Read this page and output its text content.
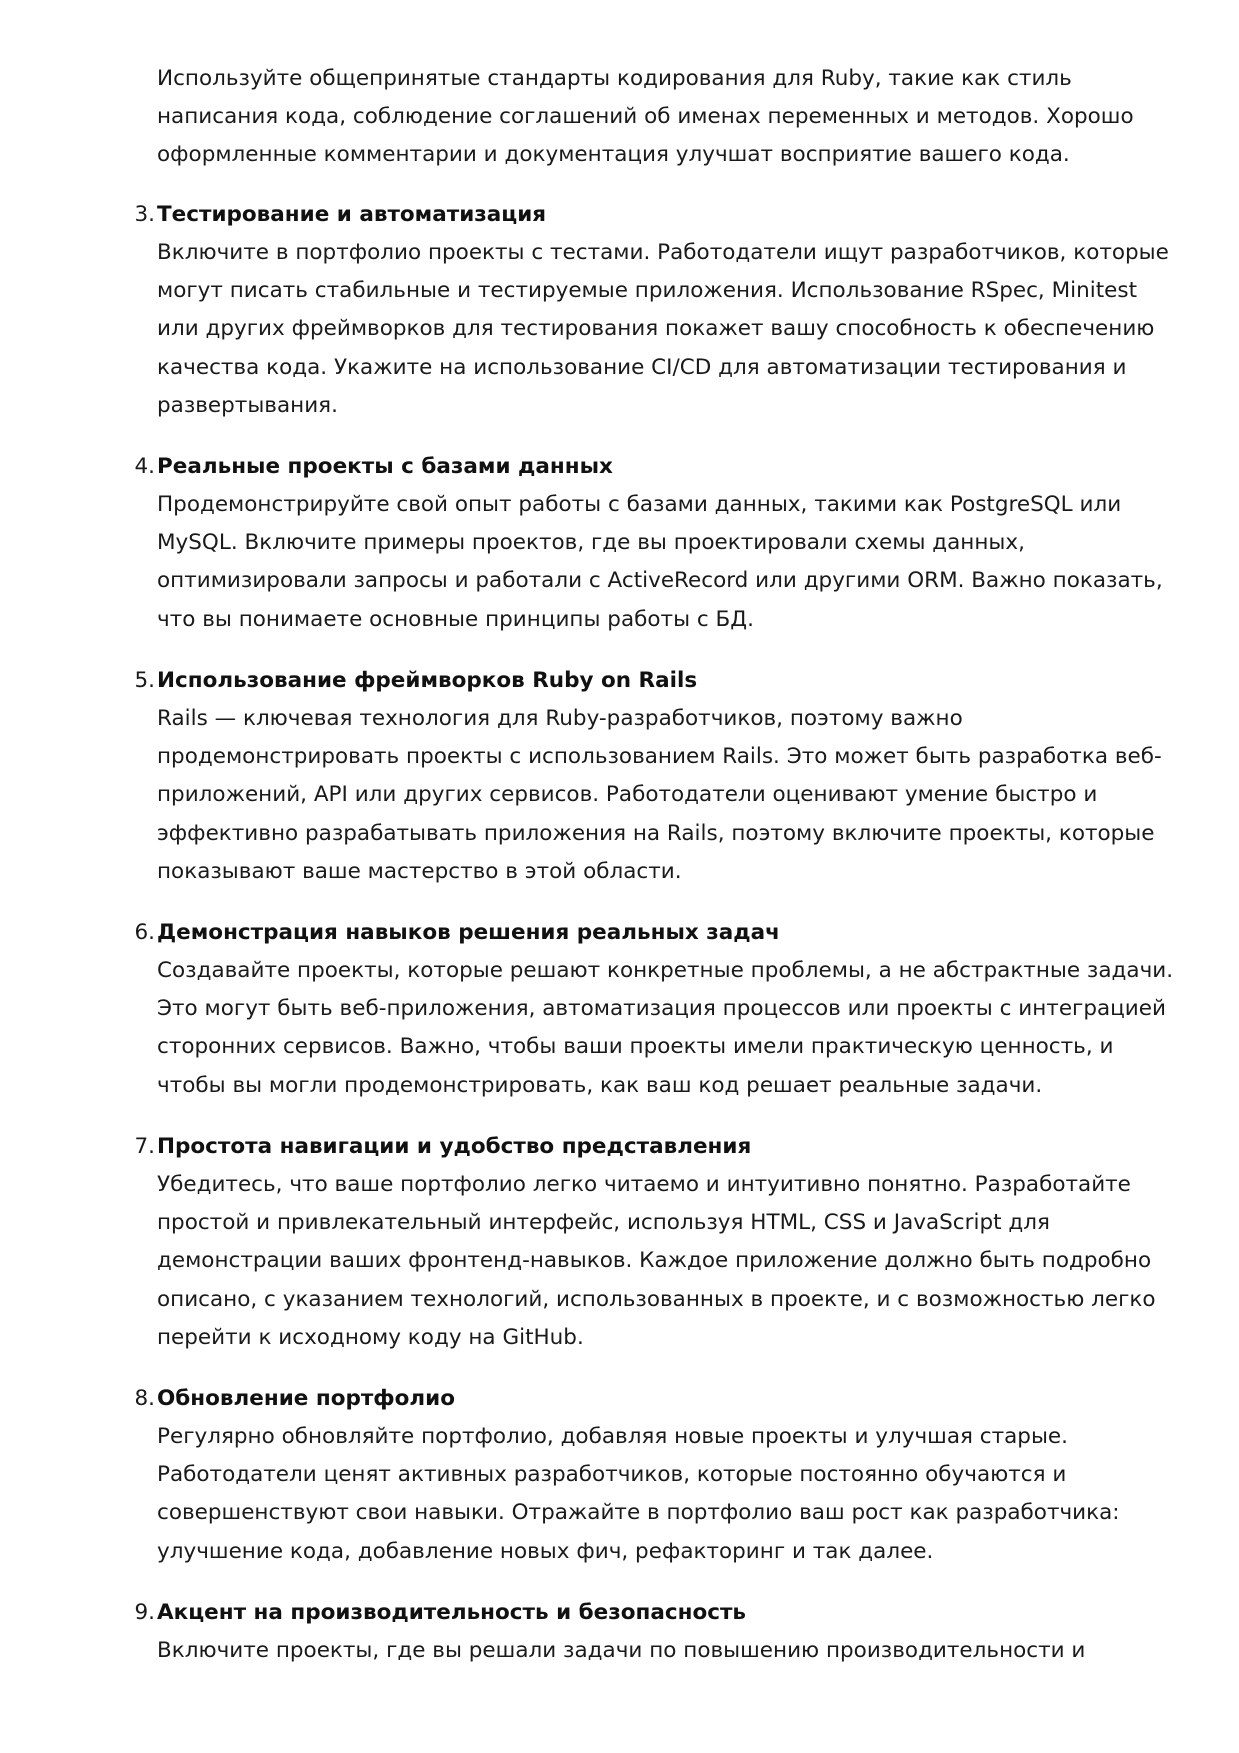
Используйте общепринятые стандарты кодирования для Ruby, такие как стиль
написания кода, соблюдение соглашений об именах переменных и методов. Хорошо
оформленные комментарии и документация улучшат восприятие вашего кода.

3. Тестирование и автоматизация
Включите в портфолио проекты с тестами. Работодатели ищут разработчиков, которые
могут писать стабильные и тестируемые приложения. Использование RSpec, Minitest
или других фреймворков для тестирования покажет вашу способность к обеспечению
качества кода. Укажите на использование CI/CD для автоматизации тестирования и
развертывания.
4. Реальные проекты с базами данных
Продемонстрируйте свой опыт работы с базами данных, такими как PostgreSQL или
MySQL. Включите примеры проектов, где вы проектировали схемы данных,
оптимизировали запросы и работали с ActiveRecord или другими ORM. Важно показать,
что вы понимаете основные принципы работы с БД.
5. Использование фреймворков Ruby on Rails
Rails — ключевая технология для Ruby-разработчиков, поэтому важно
продемонстрировать проекты с использованием Rails. Это может быть разработка веб-
приложений, API или других сервисов. Работодатели оценивают умение быстро и
эффективно разрабатывать приложения на Rails, поэтому включите проекты, которые
показывают ваше мастерство в этой области.
6. Демонстрация навыков решения реальных задач
Создавайте проекты, которые решают конкретные проблемы, а не абстрактные задачи.
Это могут быть веб-приложения, автоматизация процессов или проекты с интеграцией
сторонних сервисов. Важно, чтобы ваши проекты имели практическую ценность, и
чтобы вы могли продемонстрировать, как ваш код решает реальные задачи.
7. Простота навигации и удобство представления
Убедитесь, что ваше портфолио легко читаемо и интуитивно понятно. Разработайте
простой и привлекательный интерфейс, используя HTML, CSS и JavaScript для
демонстрации ваших фронтенд-навыков. Каждое приложение должно быть подробно
описано, с указанием технологий, использованных в проекте, и с возможностью легко
перейти к исходному коду на GitHub.
8. Обновление портфолио
Регулярно обновляйте портфолио, добавляя новые проекты и улучшая старые.
Работодатели ценят активных разработчиков, которые постоянно обучаются и
совершенствуют свои навыки. Отражайте в портфолио ваш рост как разработчика:
улучшение кода, добавление новых фич, рефакторинг и так далее.
9. Акцент на производительность и безопасность
Включите проекты, где вы решали задачи по повышению производительности и
